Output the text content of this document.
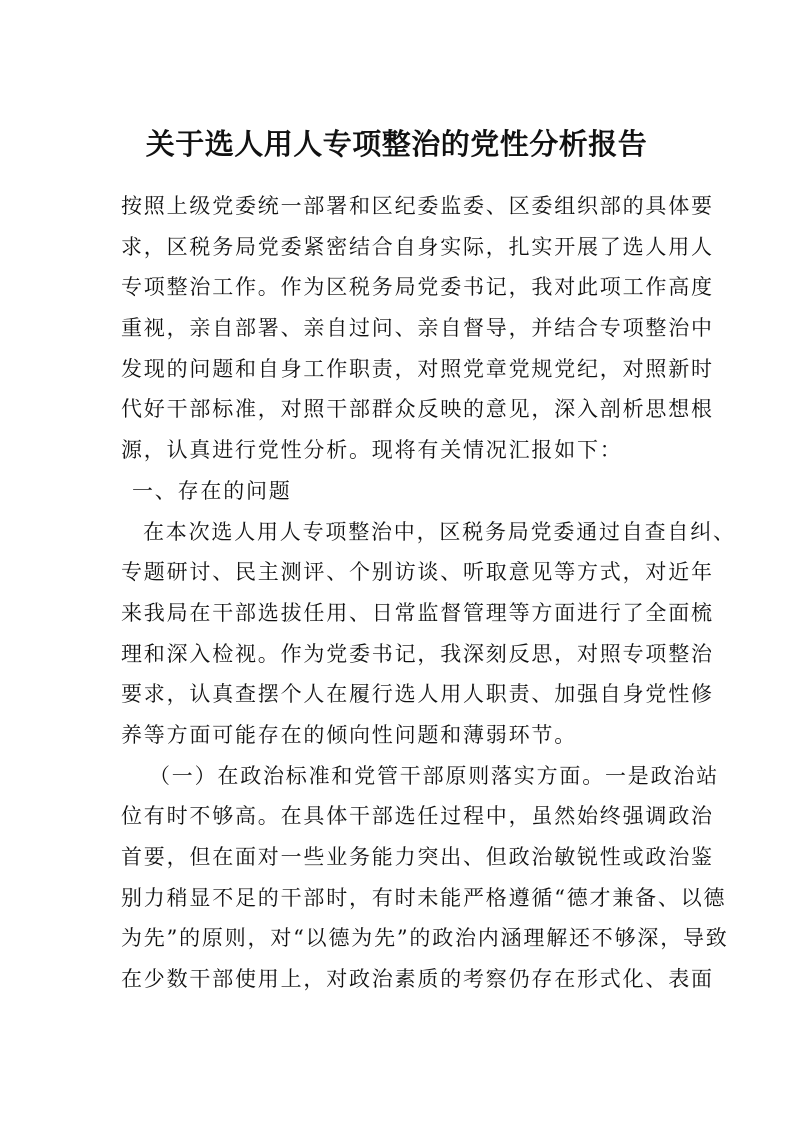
关于选人用人专项整治的党性分析报告
按照上级党委统一部署和区纪委监委、区委组织部的具体要
求，区税务局党委紧密结合自身实际，扎实开展了选人用人
专项整治工作。作为区税务局党委书记，我对此项工作高度
重视，亲自部署、亲自过问、亲自督导，并结合专项整治中
发现的问题和自身工作职责，对照党章党规党纪，对照新时
代好干部标准，对照干部群众反映的意见，深入剖析思想根
源，认真进行党性分析。现将有关情况汇报如下：
一、存在的问题
在本次选人用人专项整治中，区税务局党委通过自查自纠、
专题研讨、民主测评、个别访谈、听取意见等方式，对近年
来我局在干部选拔任用、日常监督管理等方面进行了全面梳
理和深入检视。作为党委书记，我深刻反思，对照专项整治
要求，认真查摆个人在履行选人用人职责、加强自身党性修
养等方面可能存在的倾向性问题和薄弱环节。
（一）在政治标准和党管干部原则落实方面。一是政治站
位有时不够高。在具体干部选任过程中，虽然始终强调政治
首要，但在面对一些业务能力突出、但政治敏锐性或政治鉴
别力稍显不足的干部时，有时未能严格遵循“德才兼备、以德
为先”的原则，对“以德为先”的政治内涵理解还不够深，导致
在少数干部使用上，对政治素质的考察仍存在形式化、表面
